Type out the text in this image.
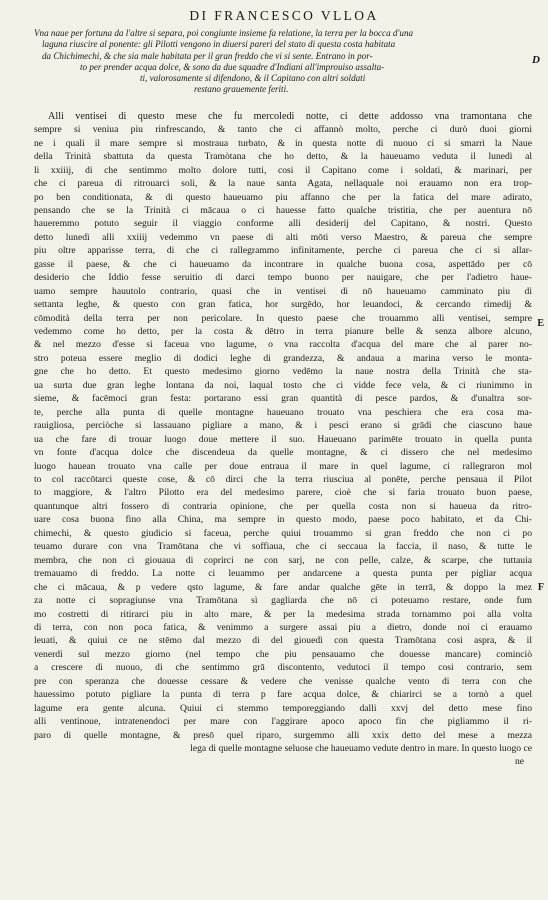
DI FRANCESCO VLLOA
D
Vna naue per fortuna da l'altre si separa, poi congiunte insieme fa relatione, la terra per la bocca d'una
laguna riuscire al ponente: gli Pilotti vengono in diuersi pareri del stato di questa costa habitata
da Chichimechi, & che sia male habitata per il gran freddo che vi si sente. Entrano in por-
to per prender acqua dolce, & sono da due squadre d'Indiani all'improuiso assalta-
ti, valorosamente si difendono, & il Capitano con altri soldati
restano grauemente feriti.
Alli ventisei di questo mese che fu mercoledi notte, ci dette addosso vna tramontana che
sempre si veniua piu rinfrescando, & tanto che ci affannò molto, perche ci durò duoi giorni
ne i quali il mare sempre si mostraua turbato, & in questa notte di nuouo ci si smarrì la Naue
della Trinità sbattuta da questa Tramòtana che ho detto, & la haueuamo veduta il lunedì al
li xxiiij, di che sentimmo molto dolore tutti, cosi il Capitano come i soldati, & marinari, per
che ci pareua di ritrouarci soli, & la naue santa Agata, nellaquale noi erauamo non era trop-
po ben conditionata, & di questo haueuamo piu affanno che per la fatica del mare adirato,
pensando che se la Trinità ci mācaua o ci hauesse fatto qualche tristitia, che per auentura nō
haueremmo potuto seguir il viaggio conforme alli desiderij del Capitano, & nostri. Questo
detto lunedì alli xxiiij vedemmo vn paese di alti mōti verso Maestro, & pareua che sempre
piu oltre apparisse terra, di che ci rallegrammo infinitamente, perche ci pareua che ci si allar-
gasse il paese, & che ci haueuamo da incontrare in qualche buona cosa, aspettādo per cō
desiderio che Iddio fesse seruitio di darci tempo buono per nauigare, che per l'adietro haue-
uamo sempre hauutolo contrario, quasi che in ventisei di nō haueuamo camminato piu di
settanta leghe, & questo con gran fatica, hor surgēdo, hor leuandoci, & cercando rimedij &
cōmodità della terra per non pericolare. In questo paese che trouammo alli ventisei, sempre
vedemmo come ho detto, per la costa & dētro in terra pianure belle & senza albore alcuno,
& nel mezzo d'esse si faceua vno lagume, o vna raccolta d'acqua del mare che al parer no-
stro poteua essere meglio di dodici leghe di grandezza, & andaua a marina verso le monta-
gne che ho detto. Et questo medesimo giorno vedēmo la naue nostra della Trinità che sta-
ua surta due gran leghe lontana da noi, laqual tosto che ci vidde fece vela, & ci riunimmo in
sieme, & facēmoci gran festa: portarano essi gran quantità di pesce pardos, & d'unaltra sor-
te, perche alla punta di quelle montagne haueuano trouato vna peschiera che era cosa ma-
rauigliosa, perciòche si lassauano pigliare a mano, & i pesci erano si grādi che ciascuno haue
ua che fare di trouar luogo doue mettere il suo. Haueuano parimēte trouato in quella punta
vn fonte d'acqua dolce che discendeua da quelle montagne, & ci dissero che nel medesimo
luogo hauean trouato vna calle per doue entraua il mare in quel lagume, ci rallegraron mol
to col raccōtarci queste cose, & cō dirci che la terra riusciua al ponēte, perche pensaua il Pilot
to maggiore, & l'altro Pilotto era del medesimo parere, cioè che si faria trouato buon paese,
quantunque altri fossero di contraria opinione, che per quella costa non si haueua da ritro-
uare cosa buona fino alla China, ma sempre in questo modo, paese poco habitato, et da Chi-
chimechi, & questo giudicio si faceua, perche quiui trouammo si gran freddo che non ci po
teuamo durare con vna Tramōtana che vi soffiaua, che ci seccaua la faccia, il naso, & tutte le
membra, che non ci giouaua di coprirci ne con sarj, ne con pelle, calze, & scarpe, che tuttauia
tremauamo di freddo. La notte ci leuammo per andarcene a questa punta per pigliar acqua
che ci mācaua, & p vedere qsto lagume, & fare andar qualche gēte in terrā, & doppo la mez
za notte ci sopragiunse vna Tramōtana sì gagliarda che nō ci poteuamo restare, onde fum
mo costretti di ritirarci piu in alto mare, & per la medesima strada tornammo poi alla volta
di terra, con non poca fatica, & venimmo a surgere assai piu a dietro, donde noi ci erauamo
leuati, & quiui ce ne stēmo dal mezzo di del giouedì con questa Tramōtana cosi aspra, & il
venerdì sul mezzo giorno (nel tempo che piu pensauamo che douesse mancare) cominciò
a crescere di nuouo, di che sentimmo grā discontento, vedutoci il tempo cosi contrario, sem
pre con speranza che douesse cessare & vedere che venisse qualche vento di terra con che
hauessimo potuto pigliare la punta di terra p fare acqua dolce, & chiarirci se a tornò a quel
lagume era gente alcuna. Quiui ci stemmo temporeggiando dalli xxvj del detto mese fino
alli ventinoue, intratenendoci per mare con l'aggirare apoco apoco fin che pigliammo il ri-
paro di quelle montagne, & presō quel riparo, surgemmo alli xxix detto del mese a mezza
lega di quelle montagne seluose che haueuamo vedute dentro in mare. In questo luogo ce
ne
E
F
